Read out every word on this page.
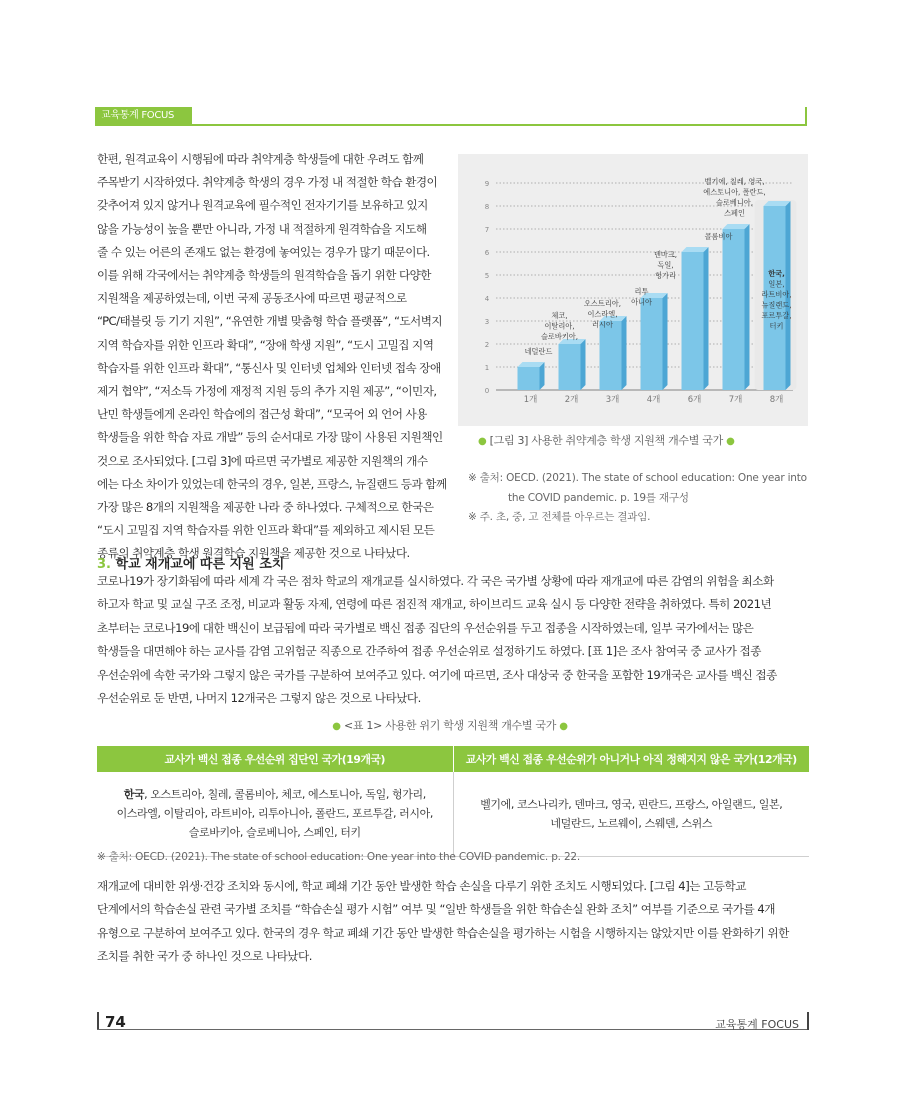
교육통계 FOCUS
한편, 원격교육이 시행됨에 따라 취약계층 학생들에 대한 우려도 함께
주목받기 시작하였다. 취약계층 학생의 경우 가정 내 적절한 학습 환경이
갖추어져 있지 않거나 원격교육에 필수적인 전자기기를 보유하고 있지
않을 가능성이 높을 뿐만 아니라, 가정 내 적절하게 원격학습을 지도해
줄 수 있는 어른의 존재도 없는 환경에 놓여있는 경우가 많기 때문이다.
이를 위해 각국에서는 취약계층 학생들의 원격학습을 돕기 위한 다양한
지원책을 제공하였는데, 이번 국제 공동조사에 따르면 평균적으로
“PC/태블릿 등 기기 지원”, “유연한 개별 맞춤형 학습 플랫폼”, “도서벽지
지역 학습자를 위한 인프라 확대”, “장애 학생 지원”, “도시 고밀집 지역
학습자를 위한 인프라 확대”, “통신사 및 인터넷 업체와 인터넷 접속 장애
제거 협약”, “저소득 가정에 재정적 지원 등의 추가 지원 제공”, “이민자,
난민 학생들에게 온라인 학습에의 접근성 확대”, “모국어 외 언어 사용
학생들을 위한 학습 자료 개발” 등의 순서대로 가장 많이 사용된 지원책인
것으로 조사되었다. [그림 3]에 따르면 국가별로 제공한 지원책의 개수
에는 다소 차이가 있었는데 한국의 경우, 일본, 프랑스, 뉴질랜드 등과 함께
가장 많은 8개의 지원책을 제공한 나라 중 하나였다. 구체적으로 한국은
“도시 고밀집 지역 학습자를 위한 인프라 확대”를 제외하고 제시된 모든
종류의 취약계층 학생 원격학습 지원책을 제공한 것으로 나타났다.
0
1
2
3
4
5
6
7
8
9
1개	2개	3개	4개	6개	7개	8개
네덜란드
체코,
이탈리아,
슬로바키아,
오스트리아,
이스라엘,
러시아
리투
아니아
덴마크,
독일,
헝가리
콜롬비아
벨기에, 칠레, 영국,
에스토니아, 폴란드,
슬로베니아,
스페인
한국,
일본,
라트비아,
뉴질랜드,
포르투갈,
터키
● [그림 3] 사용한 취약계층 학생 지원책 개수별 국가 ●
※ 출처: OECD. (2021). The state of school education: One year into
the COVID pandemic. p. 19를 재구성
※ 주. 초, 중, 고 전체를 아우르는 결과임.
3. 학교 재개교에 따른 지원 조치
코로나19가 장기화됨에 따라 세계 각 국은 점차 학교의 재개교를 실시하였다. 각 국은 국가별 상황에 따라 재개교에 따른 감염의 위험을 최소화
하고자 학교 및 교실 구조 조정, 비교과 활동 자제, 연령에 따른 점진적 재개교, 하이브리드 교육 실시 등 다양한 전략을 취하였다. 특히 2021년
초부터는 코로나19에 대한 백신이 보급됨에 따라 국가별로 백신 접종 집단의 우선순위를 두고 접종을 시작하였는데, 일부 국가에서는 많은
학생들을 대면해야 하는 교사를 감염 고위험군 직종으로 간주하여 접종 우선순위로 설정하기도 하였다. [표 1]은 조사 참여국 중 교사가 접종
우선순위에 속한 국가와 그렇지 않은 국가를 구분하여 보여주고 있다. 여기에 따르면, 조사 대상국 중 한국을 포함한 19개국은 교사를 백신 접종
우선순위로 둔 반면, 나머지 12개국은 그렇지 않은 것으로 나타났다.
● <표 1> 사용한 위기 학생 지원책 개수별 국가 ●
교사가 백신 접종 우선순위 집단인 국가(19개국)	교사가 백신 접종 우선순위가 아니거나 아직 정해지지 않은 국가(12개국)
한국, 오스트리아, 칠레, 콜롬비아, 체코, 에스토니아, 독일, 헝가리,
이스라엘, 이탈리아, 라트비아, 리투아니아, 폴란드, 포르투갈, 러시아,
슬로바키아, 슬로베니아, 스페인, 터키	벨기에, 코스나리카, 덴마크, 영국, 핀란드, 프랑스, 아일랜드, 일본,
네덜란드, 노르웨이, 스웨덴, 스위스
※ 출처: OECD. (2021). The state of school education: One year into the COVID pandemic. p. 22.
재개교에 대비한 위생·건강 조치와 동시에, 학교 폐쇄 기간 동안 발생한 학습 손실을 다루기 위한 조치도 시행되었다. [그림 4]는 고등학교
단계에서의 학습손실 관련 국가별 조치를 “학습손실 평가 시험” 여부 및 “일반 학생들을 위한 학습손실 완화 조치” 여부를 기준으로 국가를 4개
유형으로 구분하여 보여주고 있다. 한국의 경우 학교 폐쇄 기간 동안 발생한 학습손실을 평가하는 시험을 시행하지는 않았지만 이를 완화하기 위한
조치를 취한 국가 중 하나인 것으로 나타났다.
74	교육통계 FOCUS
